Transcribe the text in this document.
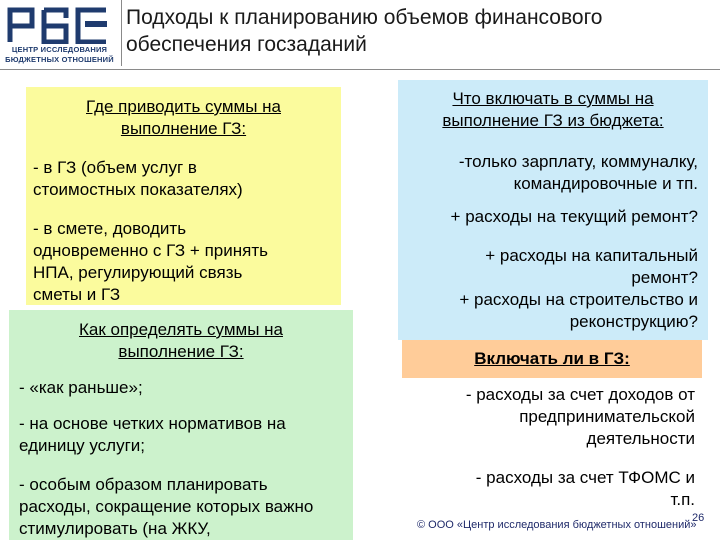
ЦЕНТР ИССЛЕДОВАНИЯ
БЮДЖЕТНЫХ ОТНОШЕНИЙ
Подходы к планированию объемов финансового
обеспечения госзаданий
Где приводить суммы на
выполнение ГЗ:
- в ГЗ (объем услуг в
стоимостных показателях)
- в смете, доводить
одновременно с ГЗ + принять
НПА, регулирующий связь
сметы и ГЗ
Как определять суммы на
выполнение ГЗ:
- «как раньше»;
- на основе четких нормативов на
единицу услуги;
- особым образом планировать
расходы, сокращение которых важно
стимулировать (на ЖКУ,
Что включать в суммы на
выполнение ГЗ из бюджета:
-только зарплату, коммуналку,
командировочные и тп.
+ расходы на текущий ремонт?
+ расходы на капитальный
ремонт?
+ расходы на строительство и
реконструкцию?
Включать ли в ГЗ:
- расходы за счет доходов от
предпринимательской
деятельности
- расходы за счет ТФОМС и
т.п.
26
© ООО «Центр исследования бюджетных отношений»
